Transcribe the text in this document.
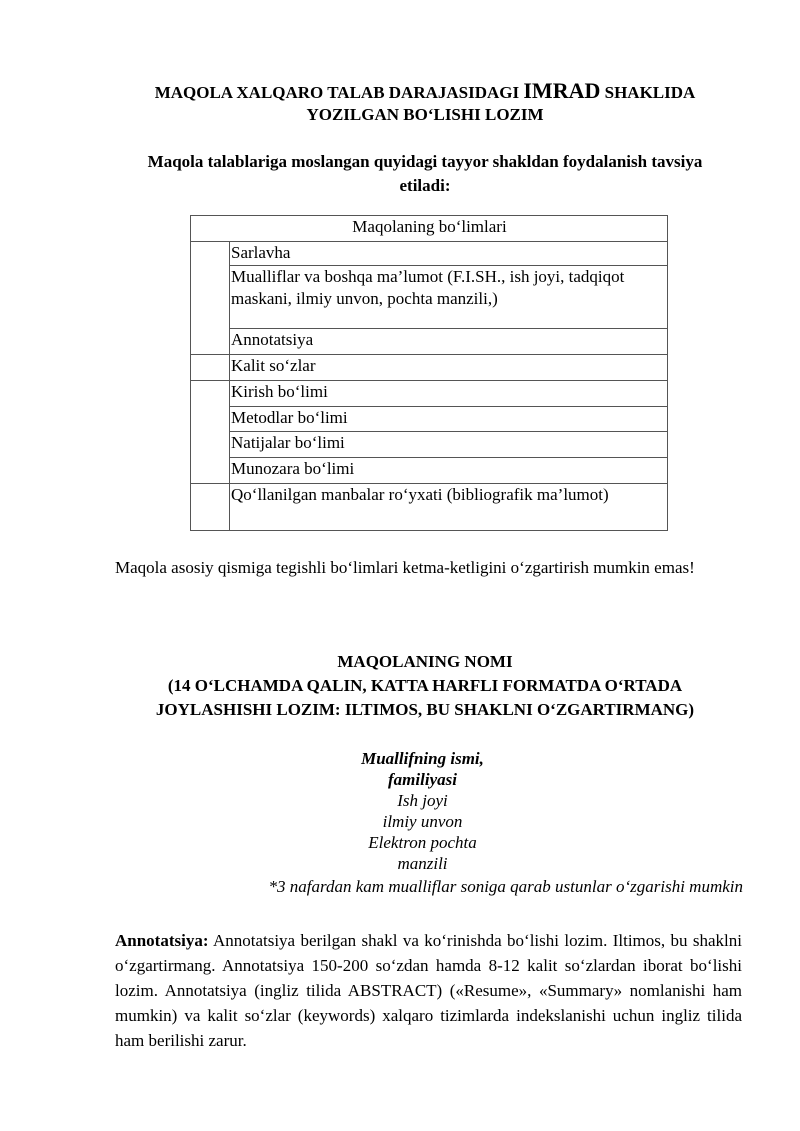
MAQOLA XALQARO TALAB DARAJASIDAGI IMRAD SHAKLIDA
YOZILGAN BO‘LISHI LOZIM
Maqola talablariga moslangan quyidagi tayyor shakldan foydalanish tavsiya
etiladi:
Maqolaning bo‘limlari	
	Sarlavha
	Mualliflar va boshqa ma’lumot (F.I.SH., ish joyi, tadqiqot maskani, ilmiy unvon, pochta manzili,)
	Annotatsiya
	Kalit so‘zlar
	Kirish bo‘limi
	Metodlar bo‘limi
	Natijalar bo‘limi
	Munozara bo‘limi
	Qo‘llanilgan manbalar ro‘yxati (bibliografik ma’lumot)
Maqola asosiy qismiga tegishli bo‘limlari ketma-ketligini o‘zgartirish mumkin emas!
MAQOLANING NOMI
(14 O‘LCHAMDA QALIN, KATTA HARFLI FORMATDA O‘RTADA
JOYLASHISHI LOZIM: ILTIMOS, BU SHAKLNI O‘ZGARTIRMANG)
Muallifning ismi,
familiyasi
Ish joyi
ilmiy unvon
Elektron pochta
manzili
*3 nafardan kam mualliflar soniga qarab ustunlar o‘zgarishi mumkin
Annotatsiya: Annotatsiya berilgan shakl va ko‘rinishda bo‘lishi lozim. Iltimos, bu shaklni o‘zgartirmang. Annotatsiya 150-200 so‘zdan hamda 8-12 kalit so‘zlardan iborat bo‘lishi lozim. Annotatsiya (ingliz tilida ABSTRACT) («Resume», «Summary» nomlanishi ham mumkin) va kalit so‘zlar (keywords) xalqaro tizimlarda indekslanishi uchun ingliz tilida ham berilishi zarur.
